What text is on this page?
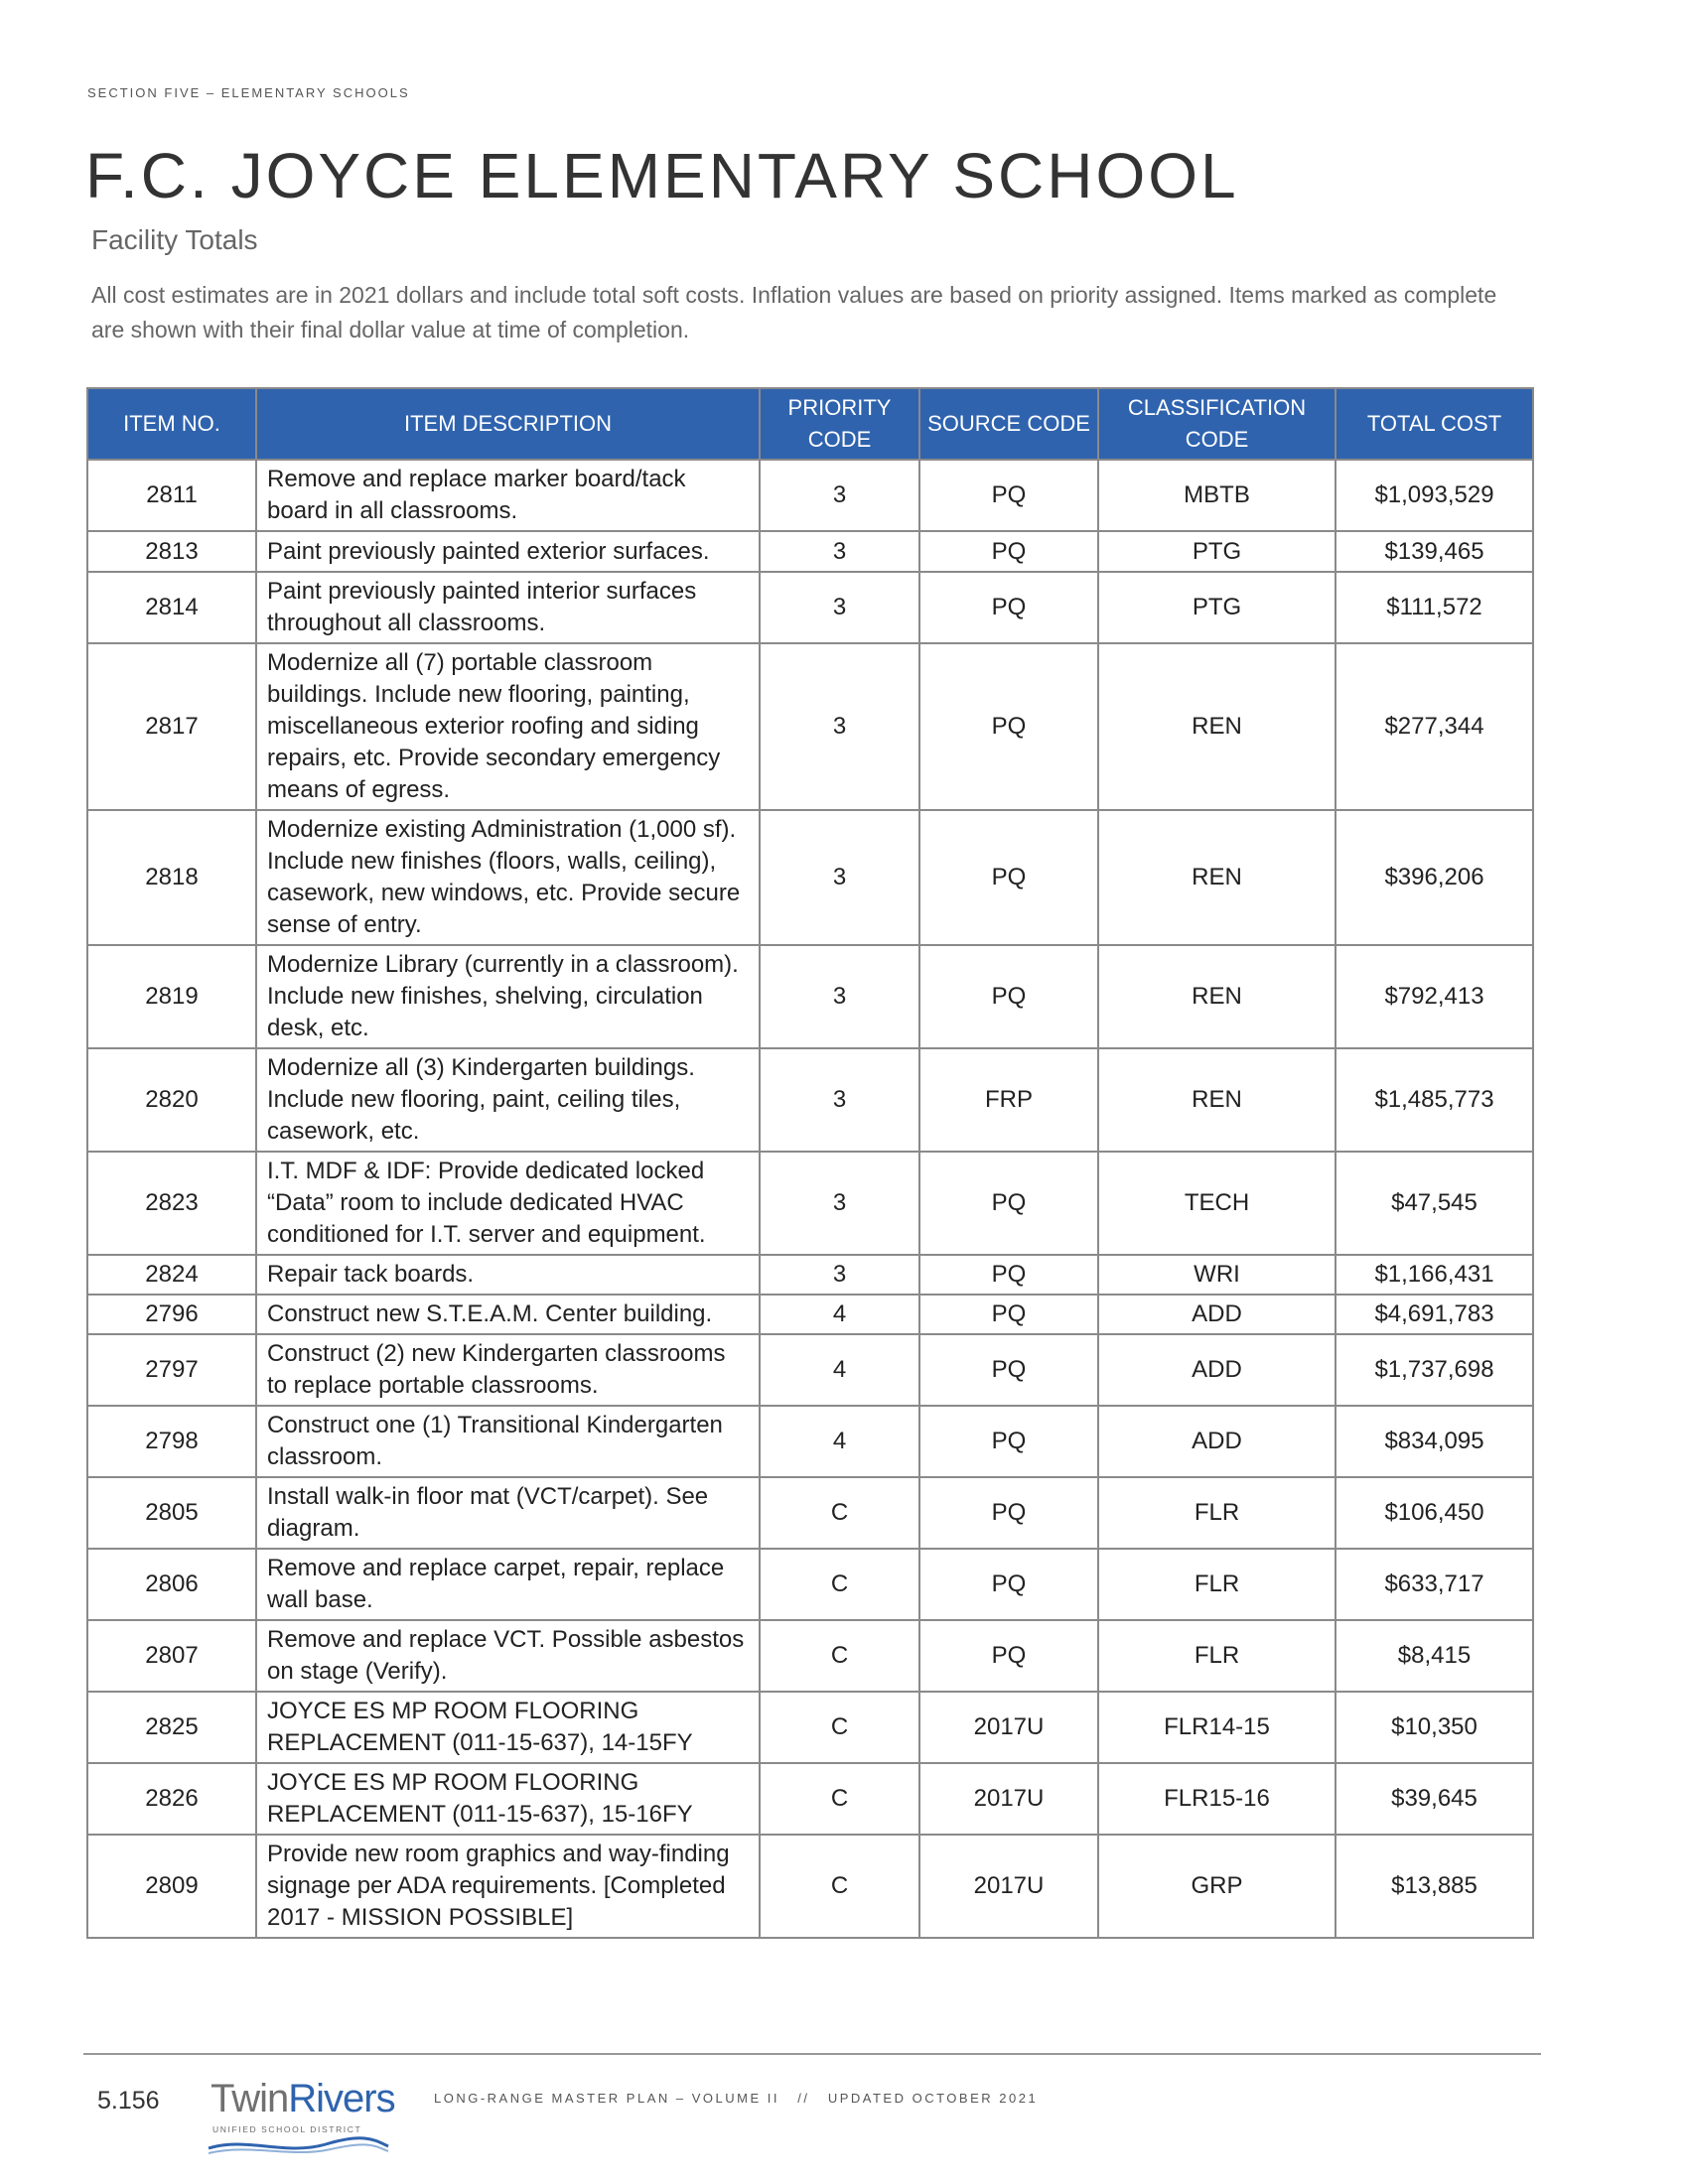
SECTION FIVE – ELEMENTARY SCHOOLS
F.C. JOYCE ELEMENTARY SCHOOL
Facility Totals

All cost estimates are in 2021 dollars and include total soft costs. Inflation values are based on priority assigned. Items marked as complete are shown with their final dollar value at time of completion.

ITEM NO.	ITEM DESCRIPTION	PRIORITY CODE	SOURCE CODE	CLASSIFICATION CODE	TOTAL COST
2811	Remove and replace marker board/tack board in all classrooms.	3	PQ	MBTB	$1,093,529
2813	Paint previously painted exterior surfaces.	3	PQ	PTG	$139,465
2814	Paint previously painted interior surfaces throughout all classrooms.	3	PQ	PTG	$111,572
2817	Modernize all (7) portable classroom buildings. Include new flooring, painting, miscellaneous exterior roofing and siding repairs, etc. Provide secondary emergency means of egress.	3	PQ	REN	$277,344
2818	Modernize existing Administration (1,000 sf). Include new finishes (floors, walls, ceiling), casework, new windows, etc. Provide secure sense of entry.	3	PQ	REN	$396,206
2819	Modernize Library (currently in a classroom). Include new finishes, shelving, circulation desk, etc.	3	PQ	REN	$792,413
2820	Modernize all (3) Kindergarten buildings. Include new flooring, paint, ceiling tiles, casework, etc.	3	FRP	REN	$1,485,773
2823	I.T. MDF & IDF: Provide dedicated locked “Data” room to include dedicated HVAC conditioned for I.T. server and equipment.	3	PQ	TECH	$47,545
2824	Repair tack boards.	3	PQ	WRI	$1,166,431
2796	Construct new S.T.E.A.M. Center building.	4	PQ	ADD	$4,691,783
2797	Construct (2) new Kindergarten classrooms to replace portable classrooms.	4	PQ	ADD	$1,737,698
2798	Construct one (1) Transitional Kindergarten classroom.	4	PQ	ADD	$834,095
2805	Install walk-in floor mat (VCT/carpet). See diagram.	C	PQ	FLR	$106,450
2806	Remove and replace carpet, repair, replace wall base.	C	PQ	FLR	$633,717
2807	Remove and replace VCT. Possible asbestos on stage (Verify).	C	PQ	FLR	$8,415
2825	JOYCE ES MP ROOM FLOORING REPLACEMENT (011-15-637), 14-15FY	C	2017U	FLR14-15	$10,350
2826	JOYCE ES MP ROOM FLOORING REPLACEMENT (011-15-637), 15-16FY	C	2017U	FLR15-16	$39,645
2809	Provide new room graphics and way-finding signage per ADA requirements. [Completed 2017 - MISSION POSSIBLE]	C	2017U	GRP	$13,885
5.156 TwinRivers
UNIFIED SCHOOL DISTRICT
LONG-RANGE MASTER PLAN – VOLUME II   //   UPDATED OCTOBER 2021
